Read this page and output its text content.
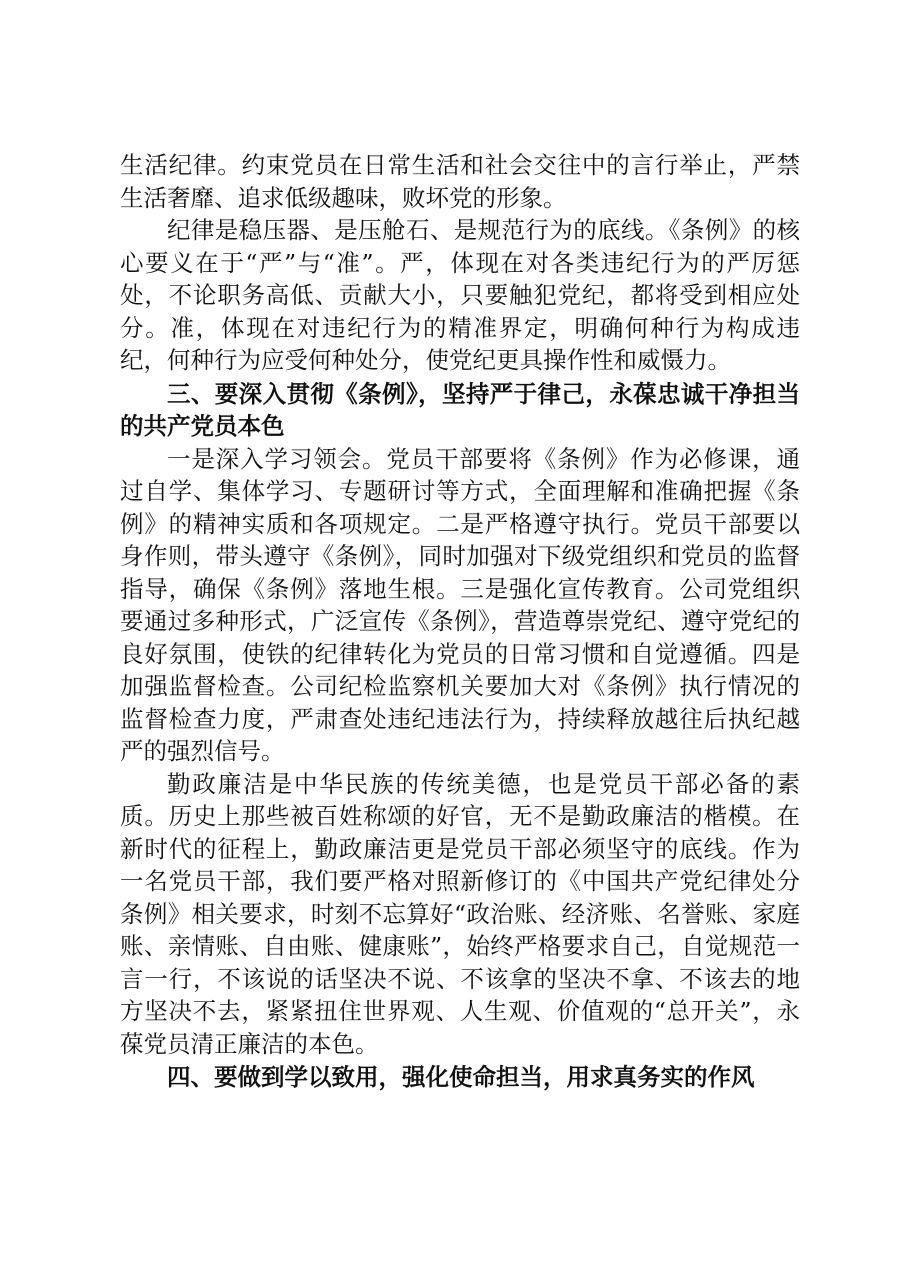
生活纪律。约束党员在日常生活和社会交往中的言行举止，严禁生活奢靡、追求低级趣味，败坏党的形象。

纪律是稳压器、是压舱石、是规范行为的底线。《条例》的核心要义在于“严”与“准”。严，体现在对各类违纪行为的严厉惩处，不论职务高低、贡献大小，只要触犯党纪，都将受到相应处分。准，体现在对违纪行为的精准界定，明确何种行为构成违纪，何种行为应受何种处分，使党纪更具操作性和威慑力。

三、要深入贯彻《条例》，坚持严于律己，永葆忠诚干净担当的共产党员本色

一是深入学习领会。党员干部要将《条例》作为必修课，通过自学、集体学习、专题研讨等方式，全面理解和准确把握《条例》的精神实质和各项规定。二是严格遵守执行。党员干部要以身作则，带头遵守《条例》，同时加强对下级党组织和党员的监督指导，确保《条例》落地生根。三是强化宣传教育。公司党组织要通过多种形式，广泛宣传《条例》，营造尊崇党纪、遵守党纪的良好氛围，使铁的纪律转化为党员的日常习惯和自觉遵循。四是加强监督检查。公司纪检监察机关要加大对《条例》执行情况的监督检查力度，严肃查处违纪违法行为，持续释放越往后执纪越严的强烈信号。

勤政廉洁是中华民族的传统美德，也是党员干部必备的素质。历史上那些被百姓称颂的好官，无不是勤政廉洁的楷模。在新时代的征程上，勤政廉洁更是党员干部必须坚守的底线。作为一名党员干部，我们要严格对照新修订的《中国共产党纪律处分条例》相关要求，时刻不忘算好“政治账、经济账、名誉账、家庭账、亲情账、自由账、健康账”，始终严格要求自己，自觉规范一言一行，不该说的话坚决不说、不该拿的坚决不拿、不该去的地方坚决不去，紧紧扭住世界观、人生观、价值观的“总开关”，永葆党员清正廉洁的本色。

四、要做到学以致用，强化使命担当，用求真务实的作风
